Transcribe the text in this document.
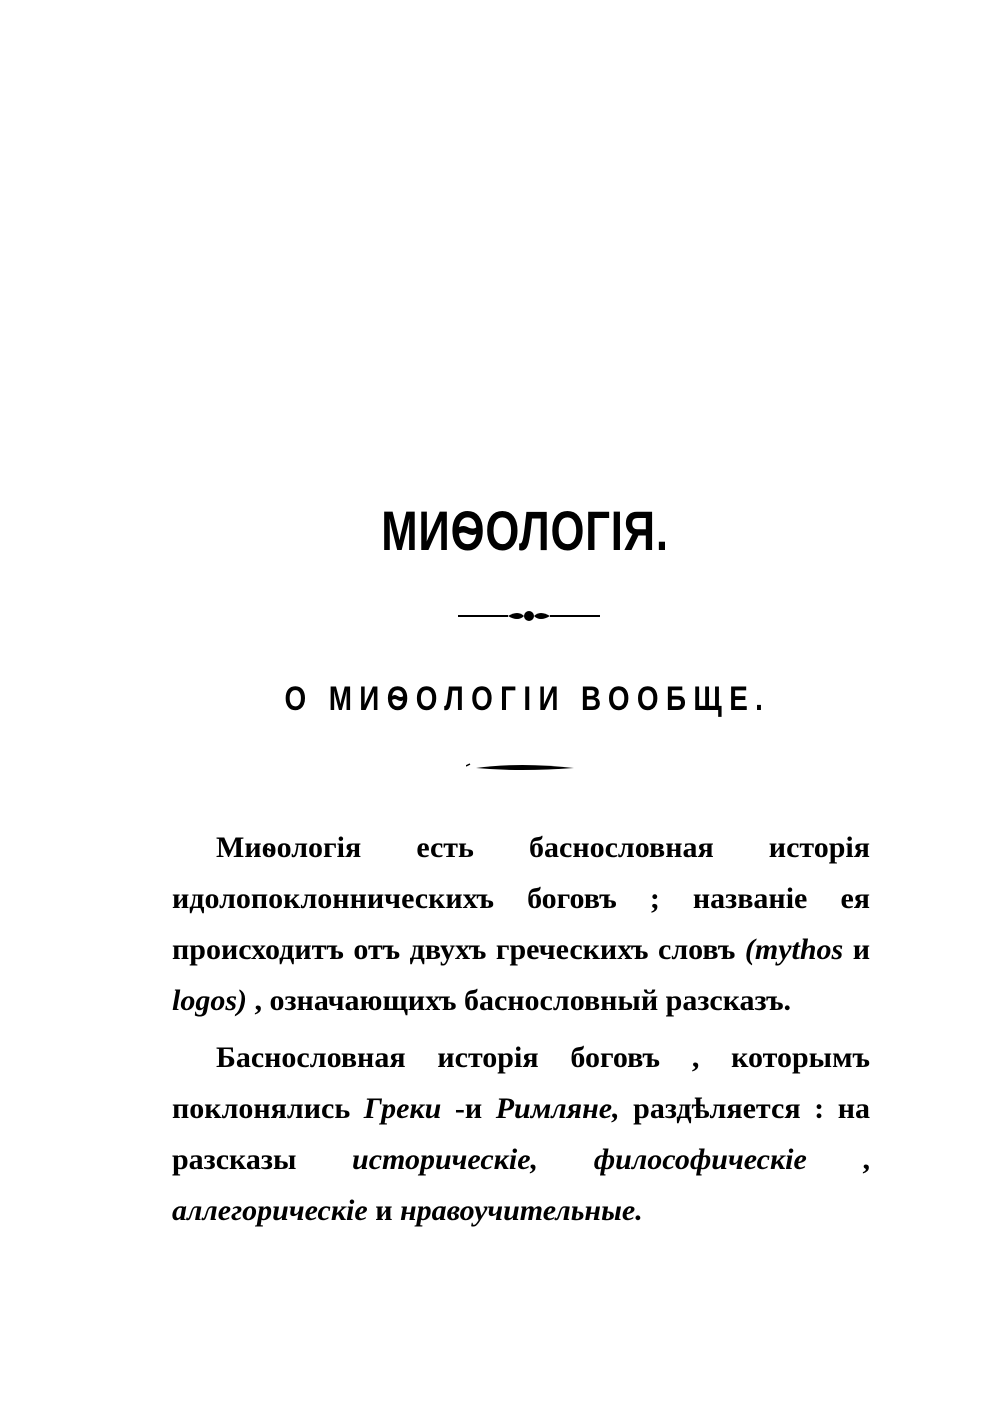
МИѲОЛОГІЯ.
О МИѲОЛОГІИ ВООБЩЕ.

Миѳологія есть баснословная исторія идолопоклонническихъ боговъ ; названіе ея происходитъ отъ двухъ греческихъ словъ (mythos и logos) , означающихъ баснословный разсказъ.

Баснословная исторія боговъ , которымъ поклонялись Греки -и Римляне, раздѣляется : на разсказы историческіе, философическіе , аллегорическіе и нравоучительные.
